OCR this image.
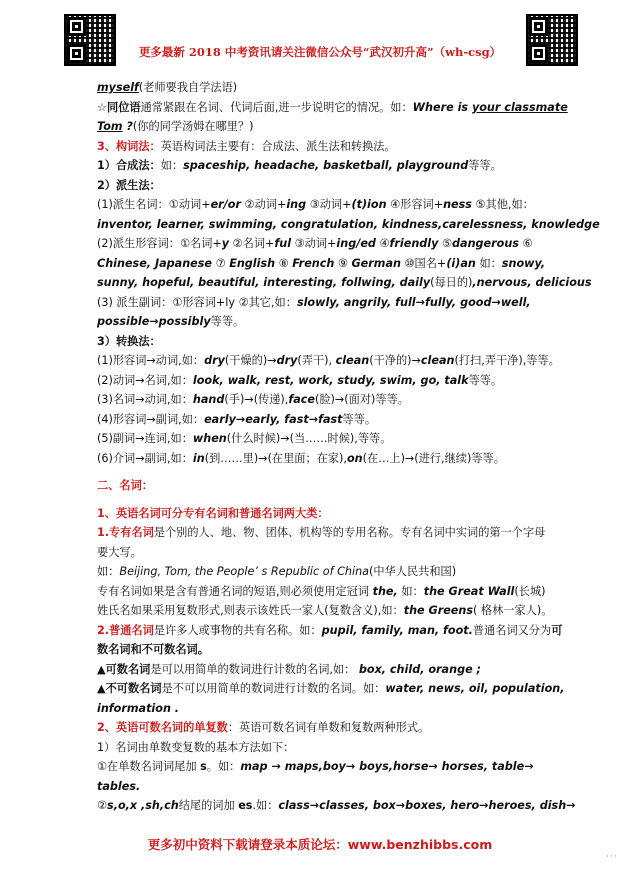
更多最新 2018 中考资讯请关注微信公众号“武汉初升高”（wh-csg）
myself(老师要我自学法语)
☆同位语通常紧跟在名词、代词后面,进一步说明它的情况。如：Where is your classmate
Tom ?(你的同学汤姆在哪里？)
3、构词法：英语构词法主要有：合成法、派生法和转换法。
1）合成法：如：spaceship, headache, basketball, playground等等。
2）派生法：
(1)派生名词：①动词+er/or ②动词+ing ③动词+(t)ion ④形容词+ness ⑤其他,如：
inventor, learner, swimming, congratulation, kindness,carelessness, knowledge
(2)派生形容词：①名词+y ②名词+ful ③动词+ing/ed ④friendly ⑤dangerous ⑥
Chinese, Japanese ⑦ English ⑧ French ⑨ German ⑩国名+(i)an 如：snowy,
sunny, hopeful, beautiful, interesting, follwing, daily(每日的),nervous, delicious
(3) 派生副词：①形容词+ly ②其它,如：slowly, angrily, full→fully, good→well,
possible→possibly等等。
3）转换法：
(1)形容词→动词,如：dry(干燥的)→dry(弄干), clean(干净的)→clean(打扫,弄干净),等等。
(2)动词→名词,如：look, walk, rest, work, study, swim, go, talk等等。
(3)名词→动词,如：hand(手)→(传递),face(脸)→(面对)等等。
(4)形容词→副词,如：early→early, fast→fast等等。
(5)副词→连词,如：when(什么时候)→(当……时候),等等。
(6)介词→副词,如：in(到……里)→(在里面；在家),on(在…上)→(进行,继续)等等。
二、名词：
1、英语名词可分专有名词和普通名词两大类：
1.专有名词是个别的人、地、物、团体、机构等的专用名称。专有名词中实词的第一个字母
要大写。
如：Beijing, Tom, the People’ s Republic of China(中华人民共和国)
专有名词如果是含有普通名词的短语,则必须使用定冠词 the, 如：the Great Wall(长城)
姓氏名如果采用复数形式,则表示该姓氏一家人(复数含义),如：the Greens( 格林一家人)。
2.普通名词是许多人或事物的共有名称。如：pupil, family, man, foot.普通名词又分为可
数名词和不可数名词。
▲可数名词是可以用简单的数词进行计数的名词,如： box, child, orange ;
▲不可数名词是不可以用简单的数词进行计数的名词。如：water, news, oil, population,
information .
2、英语可数名词的单复数：英语可数名词有单数和复数两种形式。
1）名词由单数变复数的基本方法如下：
①在单数名词词尾加 s。如：map → maps,boy→ boys,horse→ horses, table→
tables.
②s,o,x ,sh,ch结尾的词加 es.如：class→classes, box→boxes, hero→heroes, dish→
更多初中资料下载请登录本质论坛：www.benzhibbs.com
···
